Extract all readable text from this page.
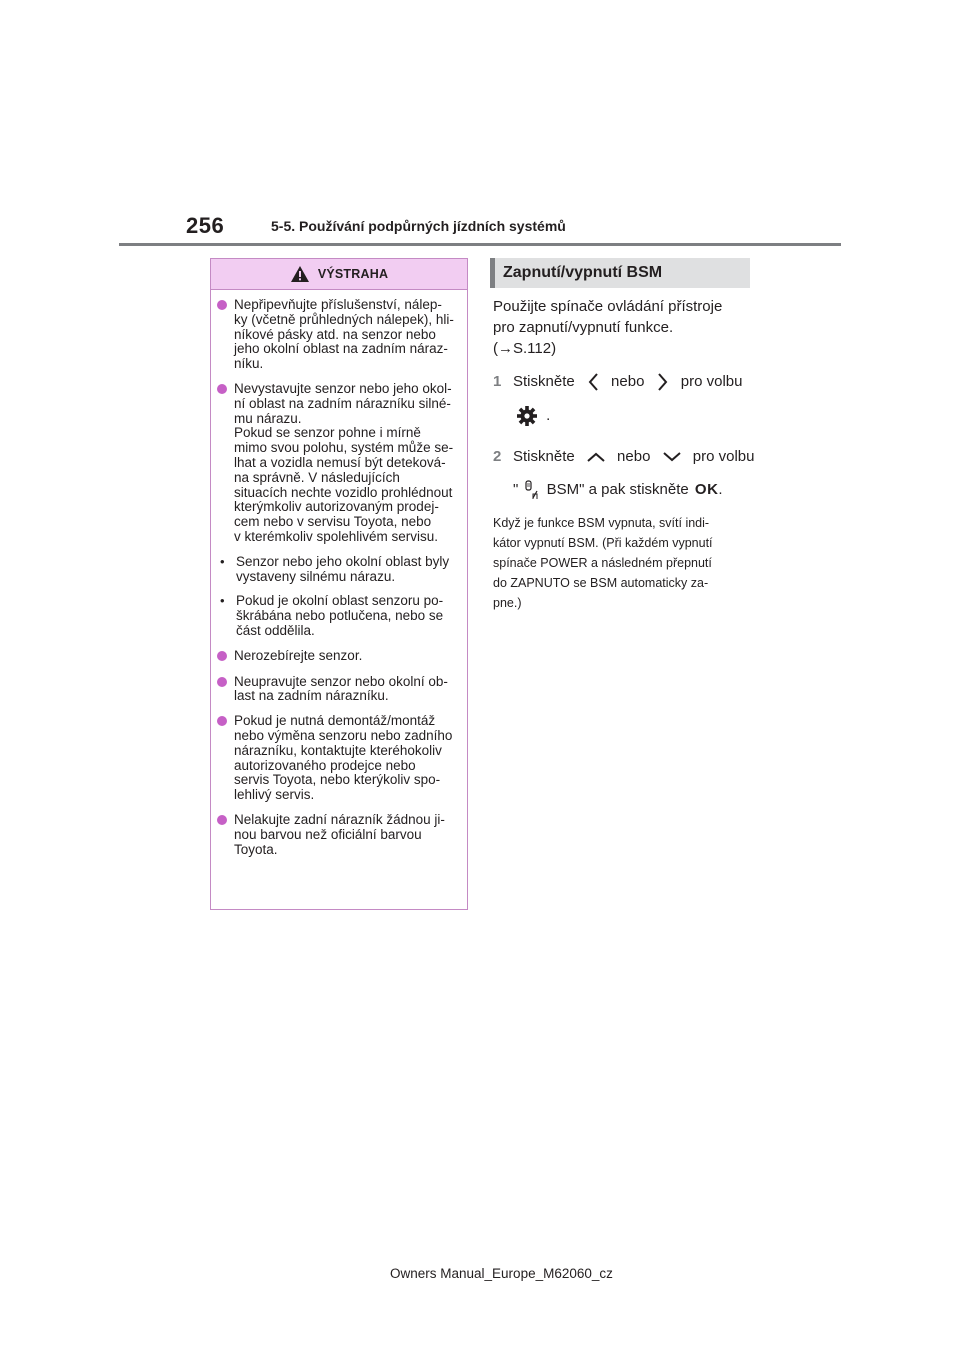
256	5-5. Používání podpůrných jízdních systémů
VÝSTRAHA
Nepřipevňujte příslušenství, nálep-
ky (včetně průhledných nálepek), hli-
níkové pásky atd. na senzor nebo
jeho okolní oblast na zadním náraz-
níku.
Nevystavujte senzor nebo jeho okol-
ní oblast na zadním nárazníku silné-
mu nárazu.
Pokud se senzor pohne i mírně
mimo svou polohu, systém může se-
lhat a vozidla nemusí být deteková-
na správně. V následujících
situacích nechte vozidlo prohlédnout
kterýmkoliv autorizovaným prodej-
cem nebo v servisu Toyota, nebo
v kterémkoliv spolehlivém servisu.
• Senzor nebo jeho okolní oblast byly
vystaveny silnému nárazu.
• Pokud je okolní oblast senzoru po-
škrábána nebo potlučena, nebo se
část oddělila.
Nerozebírejte senzor.
Neupravujte senzor nebo okolní ob-
last na zadním nárazníku.
Pokud je nutná demontáž/montáž
nebo výměna senzoru nebo zadního
nárazníku, kontaktujte kteréhokoliv
autorizovaného prodejce nebo
servis Toyota, nebo kterýkoliv spo-
lehlivý servis.
Nelakujte zadní nárazník žádnou ji-
nou barvou než oficiální barvou
Toyota.
Zapnutí/vypnutí BSM
Použijte spínače ovládání přístroje
pro zapnutí/vypnutí funkce.
(→S.112)
1 Stiskněte nebo pro volbu
.
2 Stiskněte	nebo	pro volbu
" BSM" a pak stiskněte OK.
Když je funkce BSM vypnuta, svítí indi-
kátor vypnutí BSM. (Při každém vypnutí
spínače POWER a následném přepnutí
do ZAPNUTO se BSM automaticky za-
pne.)
Owners Manual_Europe_M62060_cz
